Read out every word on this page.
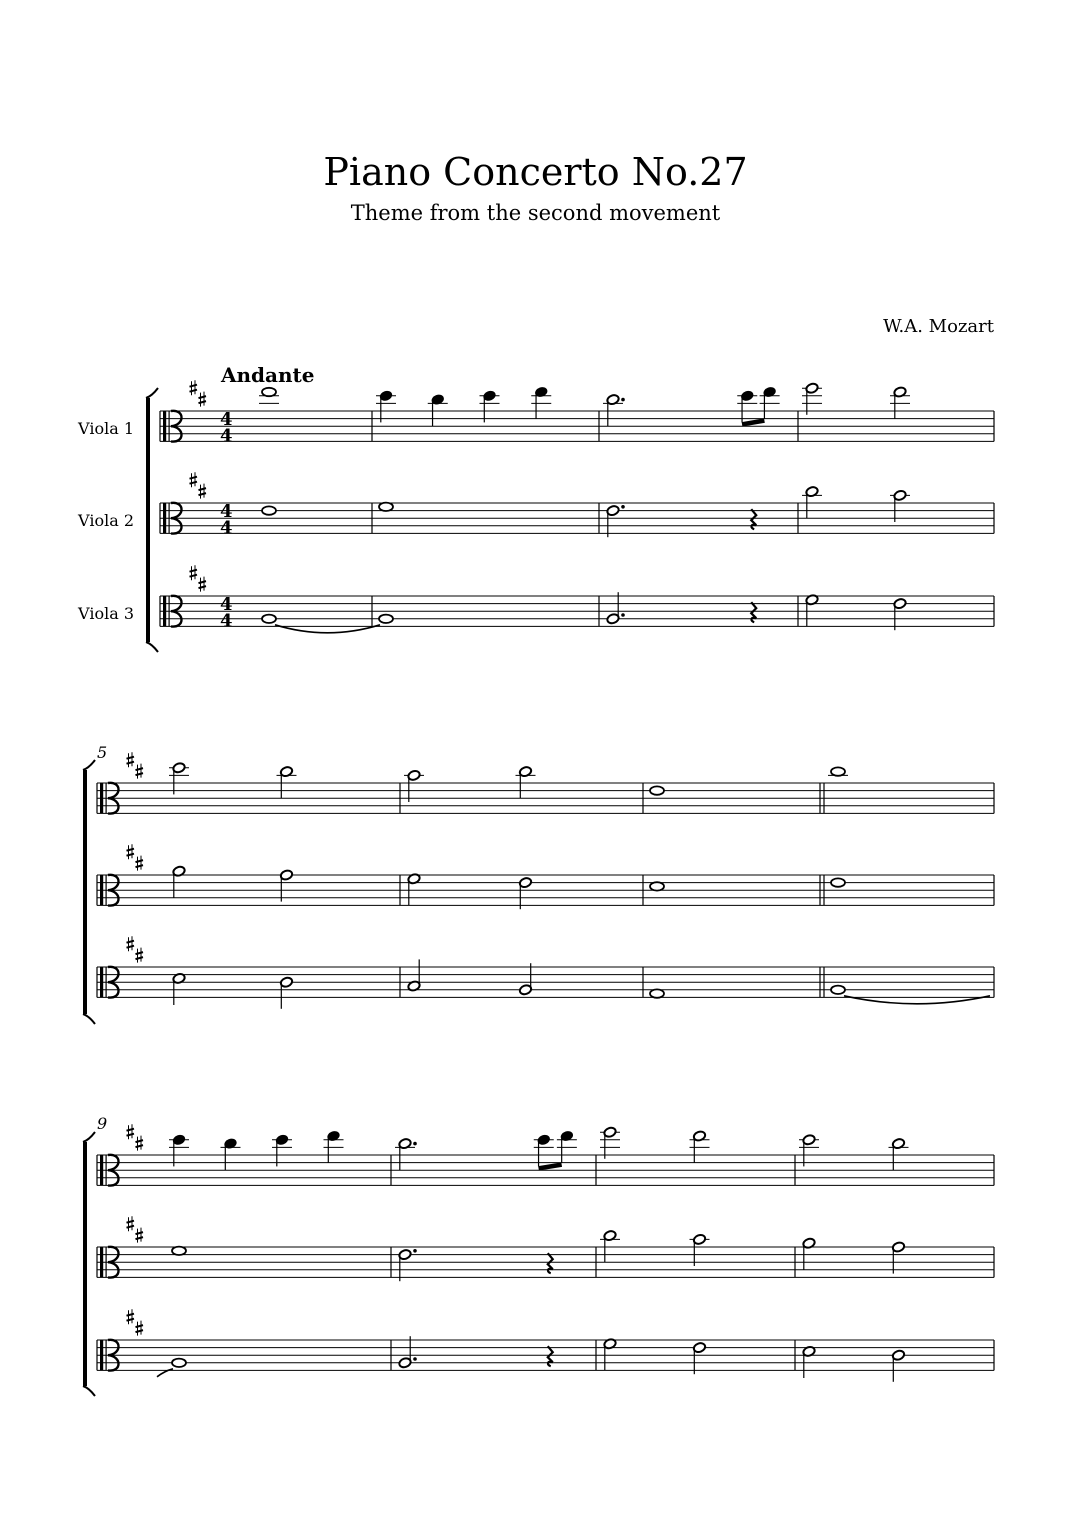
Piano Concerto No.27
Theme from the second movement
W.A. Mozart
Andante
Viola 1
Viola 2
Viola 3
5
9
4
4
4
4
4
4
